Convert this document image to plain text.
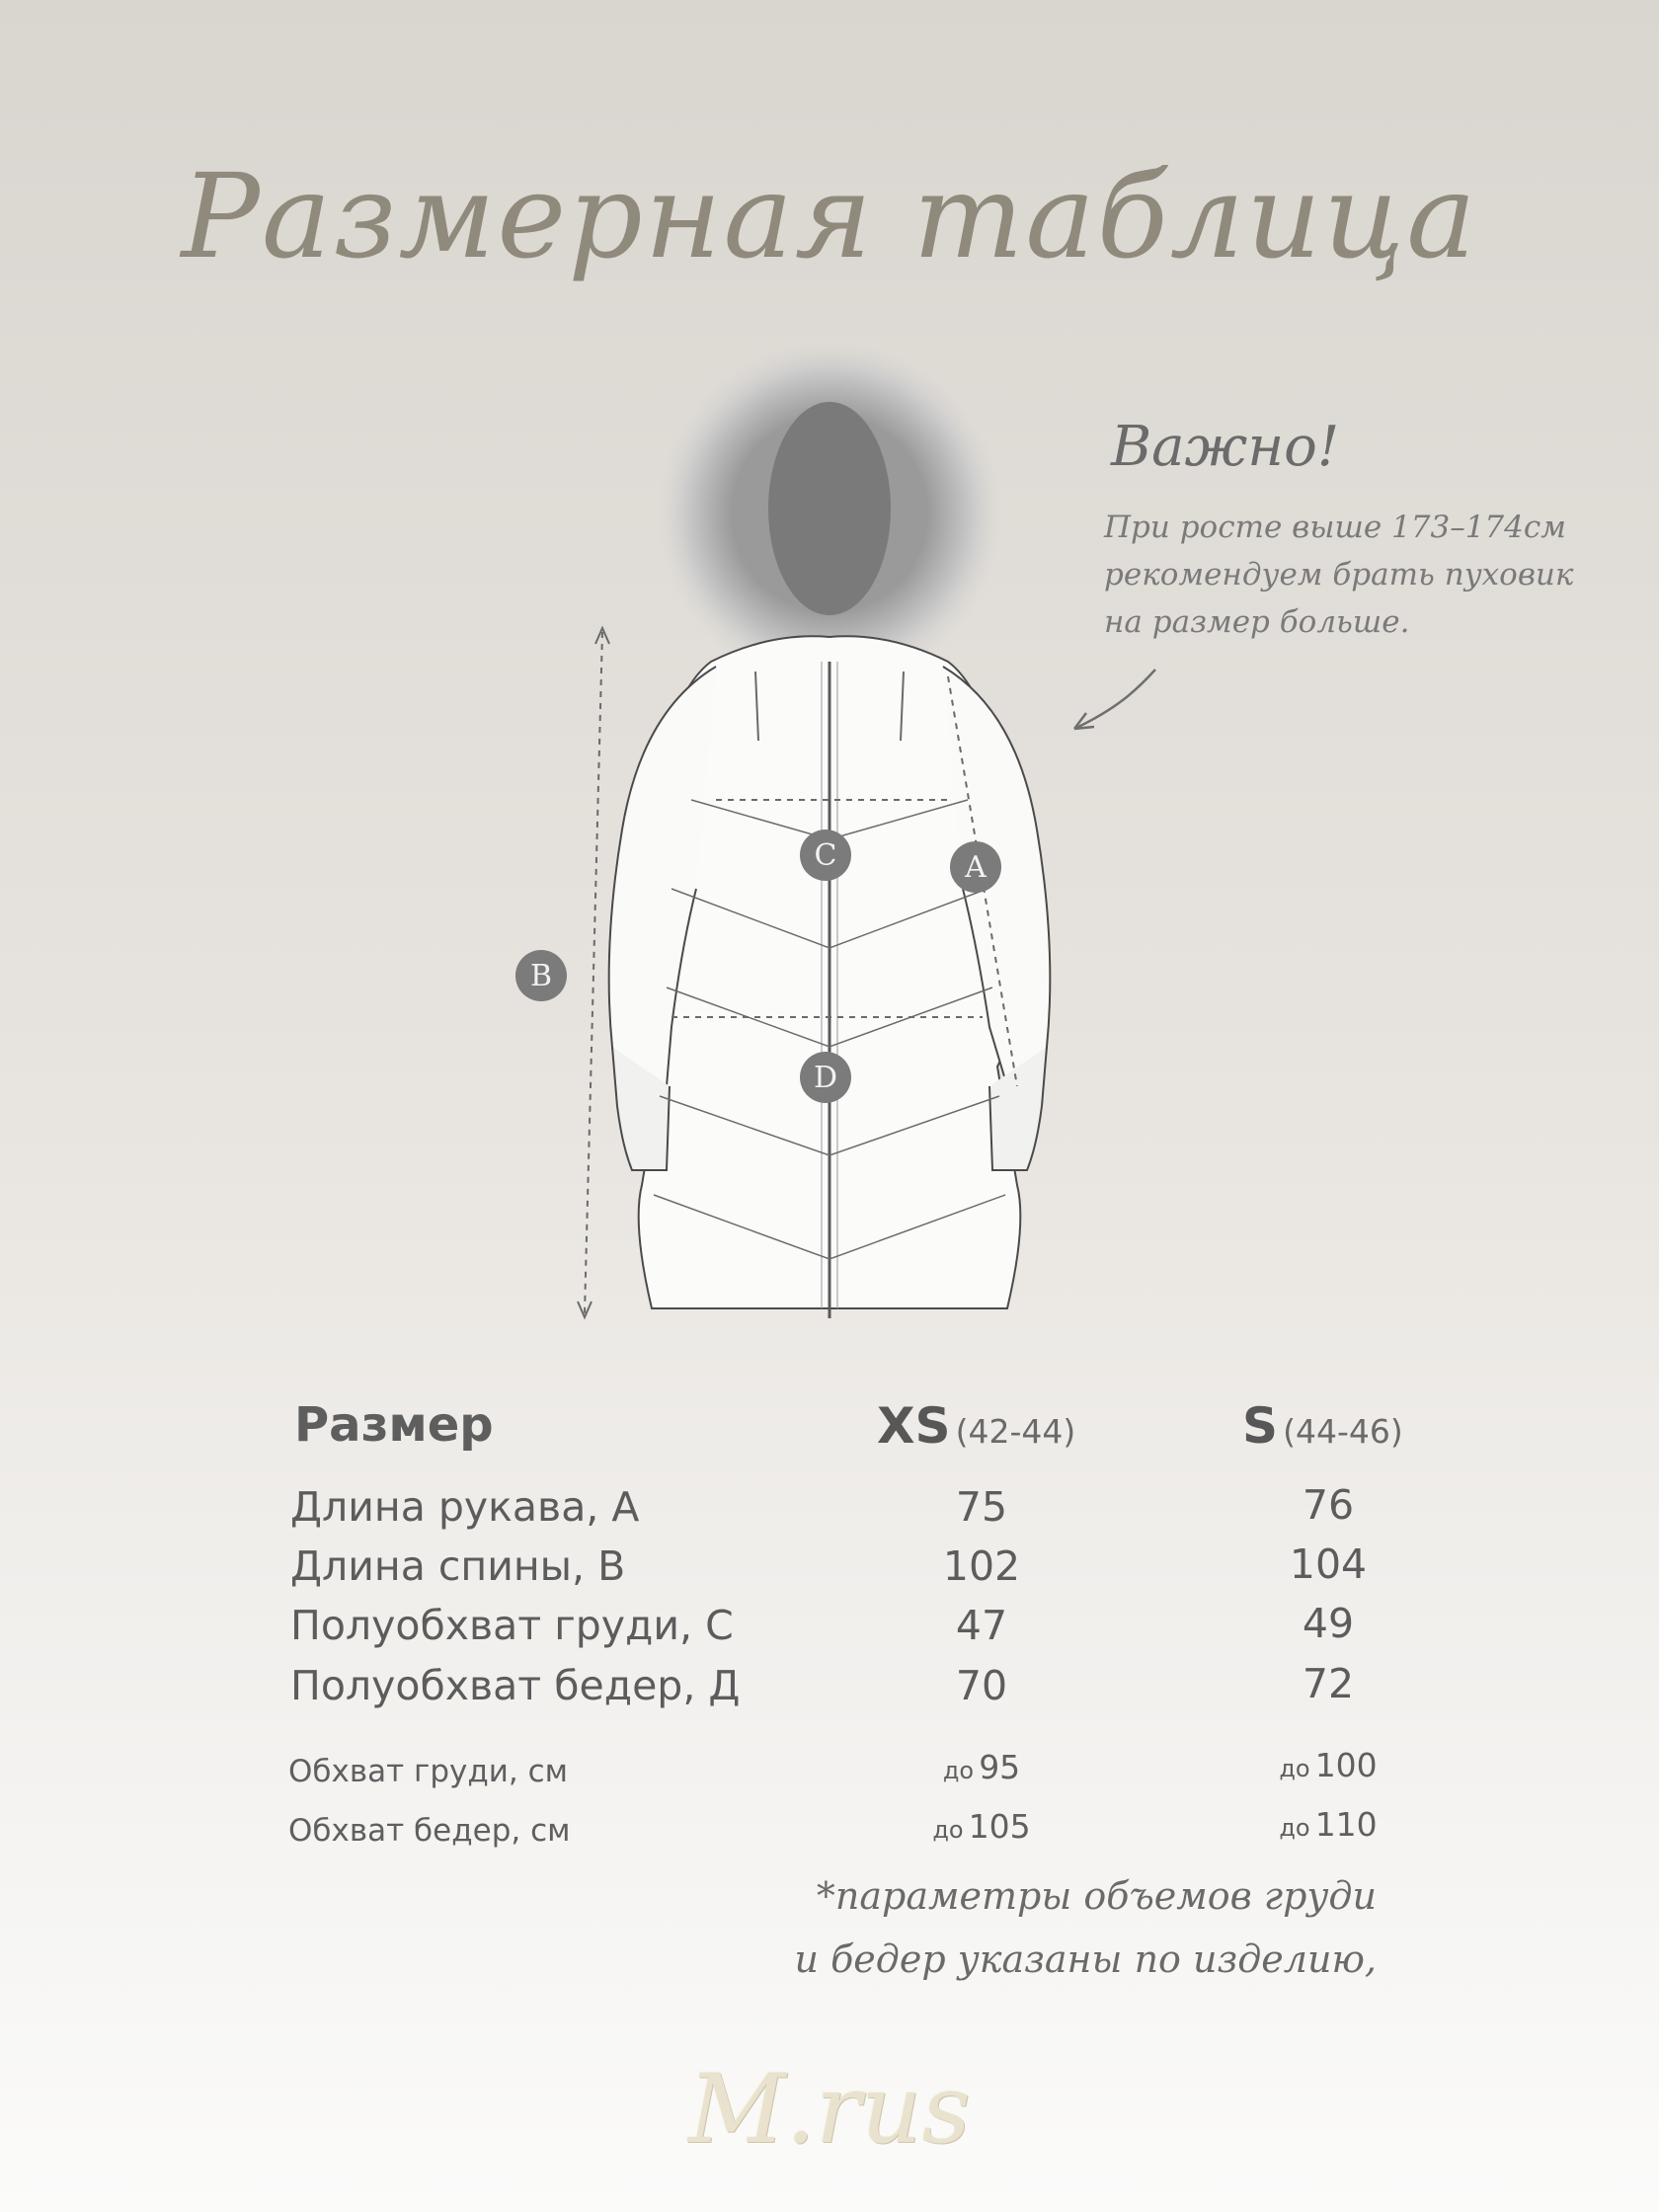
Размерная таблица
Важно!
При росте выше 173–174см
рекомендуем брать пуховик
на размер больше.
C	A
B
D
Размер	XS (42-44)	S (44-46)
Длина рукава, А	75	76
Длина спины, В	102	104
Полуобхват груди, С	47	49
Полуобхват бедер, Д	70	72
Обхват груди, см	до 95	до 100
Обхват бедер, см	до 105	до 110
*параметры объемов груди
и бедер указаны по изделию,
M.rus
